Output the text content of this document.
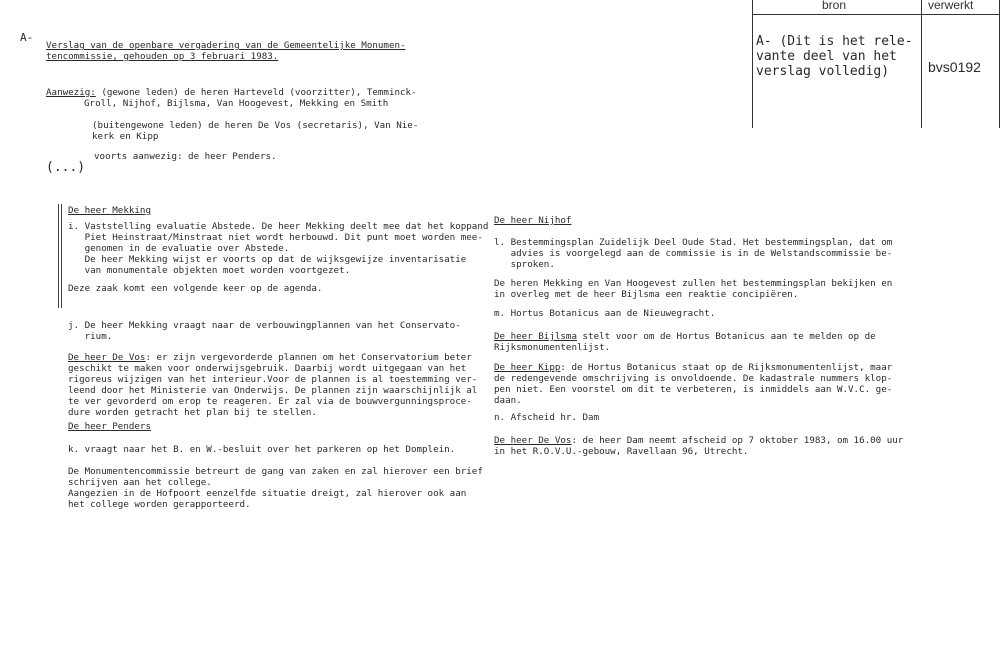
A-
Verslag van de openbare vergadering van de Gemeentelijke Monumen-
tencommissie, gehouden op 3 februari 1983.
bron	verwerkt
A- (Dit is het rele-
vante deel van het
verslag volledig)	bvs0192
Aanwezig: (gewone leden) de heren Harteveld (voorzitter), Temminck-
Groll, Nijhof, Bijlsma, Van Hoogevest, Mekking en Smith
(buitengewone leden) de heren De Vos (secretaris), Van Nie-
kerk en Kipp
voorts aanwezig: de heer Penders.
(...)
De heer Mekking
i. Vaststelling evaluatie Abstede. De heer Mekking deelt mee dat het koppand
Piet Heinstraat/Minstraat niet wordt herbouwd. Dit punt moet worden mee-
genomen in de evaluatie over Abstede.
De heer Mekking wijst er voorts op dat de wijksgewijze inventarisatie
van monumentale objekten moet worden voortgezet.
Deze zaak komt een volgende keer op de agenda.
j. De heer Mekking vraagt naar de verbouwingplannen van het Conservato-
rium.
De heer De Vos: er zijn vergevorderde plannen om het Conservatorium beter
geschikt te maken voor onderwijsgebruik. Daarbij wordt uitgegaan van het
rigoreus wijzigen van het interieur.Voor de plannen is al toestemming ver-
leend door het Ministerie van Onderwijs. De plannen zijn waarschijnlijk al
te ver gevorderd om erop te reageren. Er zal via de bouwvergunningsproce-
dure worden getracht het plan bij te stellen.
De heer Penders
k. vraagt naar het B. en W.-besluit over het parkeren op het Domplein.
De Monumentencommissie betreurt de gang van zaken en zal hierover een brief
schrijven aan het college.
Aangezien in de Hofpoort eenzelfde situatie dreigt, zal hierover ook aan
het college worden gerapporteerd.
De heer Nijhof
l. Bestemmingsplan Zuidelijk Deel Oude Stad. Het bestemmingsplan, dat om
advies is voorgelegd aan de commissie is in de Welstandscommissie be-
sproken.
De heren Mekking en Van Hoogevest zullen het bestemmingsplan bekijken en
in overleg met de heer Bijlsma een reaktie concipiëren.
m. Hortus Botanicus aan de Nieuwegracht.
De heer Bijlsma stelt voor om de Hortus Botanicus aan te melden op de
Rijksmonumentenlijst.
De heer Kipp: de Hortus Botanicus staat op de Rijksmonumentenlijst, maar
de redengevende omschrijving is onvoldoende. De kadastrale nummers klop-
pen niet. Een voorstel om dit te verbeteren, is inmiddels aan W.V.C. ge-
daan.
n. Afscheid hr. Dam
De heer De Vos: de heer Dam neemt afscheid op 7 oktober 1983, om 16.00 uur
in het R.O.V.U.-gebouw, Ravellaan 96, Utrecht.
